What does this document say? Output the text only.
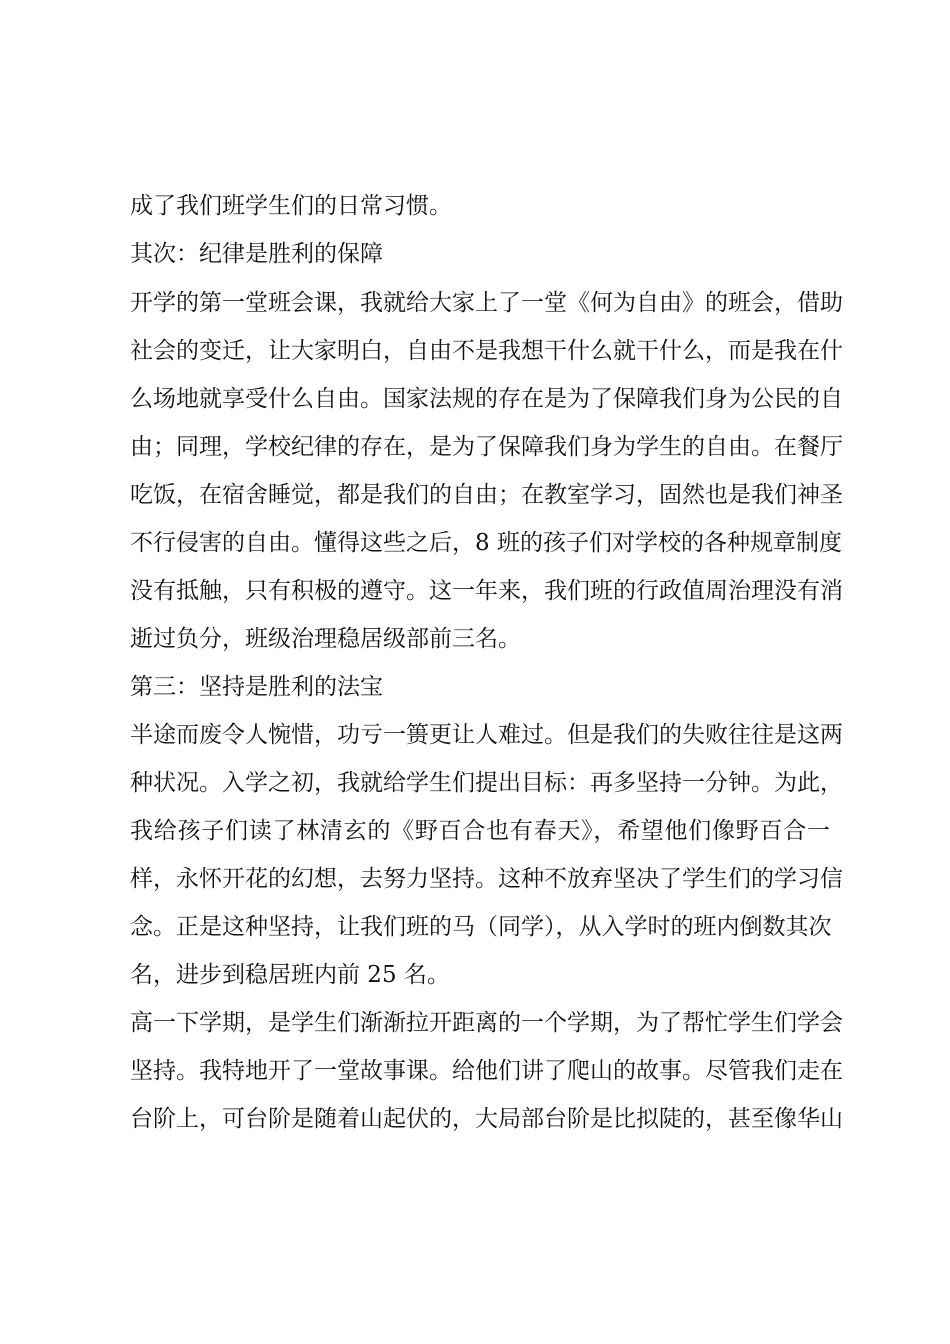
成了我们班学生们的日常习惯。

其次：纪律是胜利的保障

开学的第一堂班会课，我就给大家上了一堂《何为自由》的班会，借助

社会的变迁，让大家明白，自由不是我想干什么就干什么，而是我在什

么场地就享受什么自由。国家法规的存在是为了保障我们身为公民的自

由；同理，学校纪律的存在，是为了保障我们身为学生的自由。在餐厅

吃饭，在宿舍睡觉，都是我们的自由；在教室学习，固然也是我们神圣

不行侵害的自由。懂得这些之后，8 班的孩子们对学校的各种规章制度

没有抵触，只有积极的遵守。这一年来，我们班的行政值周治理没有消

逝过负分，班级治理稳居级部前三名。

第三：坚持是胜利的法宝

半途而废令人惋惜，功亏一篑更让人难过。但是我们的失败往往是这两

种状况。入学之初，我就给学生们提出目标：再多坚持一分钟。为此，

我给孩子们读了林清玄的《野百合也有春天》，希望他们像野百合一

样，永怀开花的幻想，去努力坚持。这种不放弃坚决了学生们的学习信

念。正是这种坚持，让我们班的马（同学），从入学时的班内倒数其次

名，进步到稳居班内前 25 名。

高一下学期，是学生们渐渐拉开距离的一个学期，为了帮忙学生们学会

坚持。我特地开了一堂故事课。给他们讲了爬山的故事。尽管我们走在

台阶上，可台阶是随着山起伏的，大局部台阶是比拟陡的，甚至像华山
